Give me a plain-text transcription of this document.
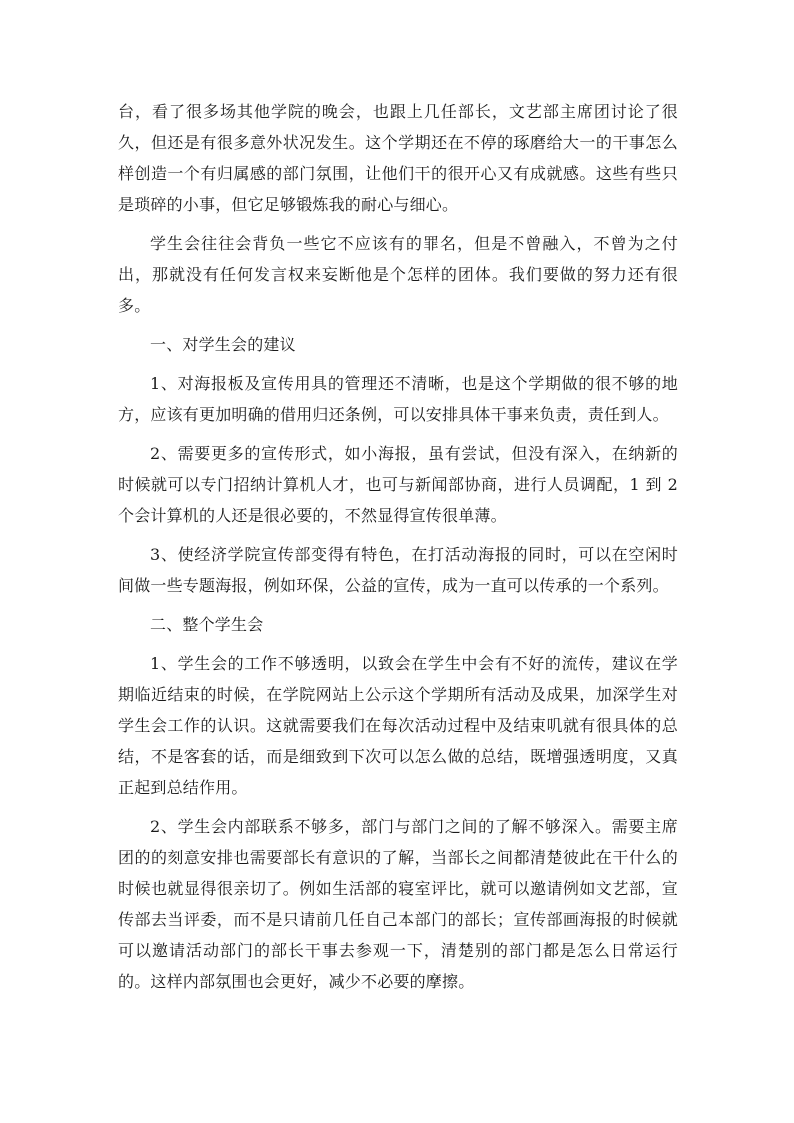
台，看了很多场其他学院的晚会，也跟上几任部长，文艺部主席团讨论了很久，但还是有很多意外状况发生。这个学期还在不停的琢磨给大一的干事怎么样创造一个有归属感的部门氛围，让他们干的很开心又有成就感。这些有些只是琐碎的小事，但它足够锻炼我的耐心与细心。

学生会往往会背负一些它不应该有的罪名，但是不曾融入，不曾为之付出，那就没有任何发言权来妄断他是个怎样的团体。我们要做的努力还有很多。

一、对学生会的建议

1、对海报板及宣传用具的管理还不清晰，也是这个学期做的很不够的地方，应该有更加明确的借用归还条例，可以安排具体干事来负责，责任到人。

2、需要更多的宣传形式，如小海报，虽有尝试，但没有深入，在纳新的时候就可以专门招纳计算机人才，也可与新闻部协商，进行人员调配，1 到 2 个会计算机的人还是很必要的，不然显得宣传很单薄。

3、使经济学院宣传部变得有特色，在打活动海报的同时，可以在空闲时间做一些专题海报，例如环保，公益的宣传，成为一直可以传承的一个系列。

二、整个学生会

1、学生会的工作不够透明，以致会在学生中会有不好的流传，建议在学期临近结束的时候，在学院网站上公示这个学期所有活动及成果，加深学生对学生会工作的认识。这就需要我们在每次活动过程中及结束叽就有很具体的总结，不是客套的话，而是细致到下次可以怎么做的总结，既增强透明度，又真正起到总结作用。

2、学生会内部联系不够多，部门与部门之间的了解不够深入。需要主席团的的刻意安排也需要部长有意识的了解，当部长之间都清楚彼此在干什么的时候也就显得很亲切了。例如生活部的寝室评比，就可以邀请例如文艺部，宣传部去当评委，而不是只请前几任自己本部门的部长；宣传部画海报的时候就可以邀请活动部门的部长干事去参观一下，清楚别的部门都是怎么日常运行的。这样内部氛围也会更好，减少不必要的摩擦。
